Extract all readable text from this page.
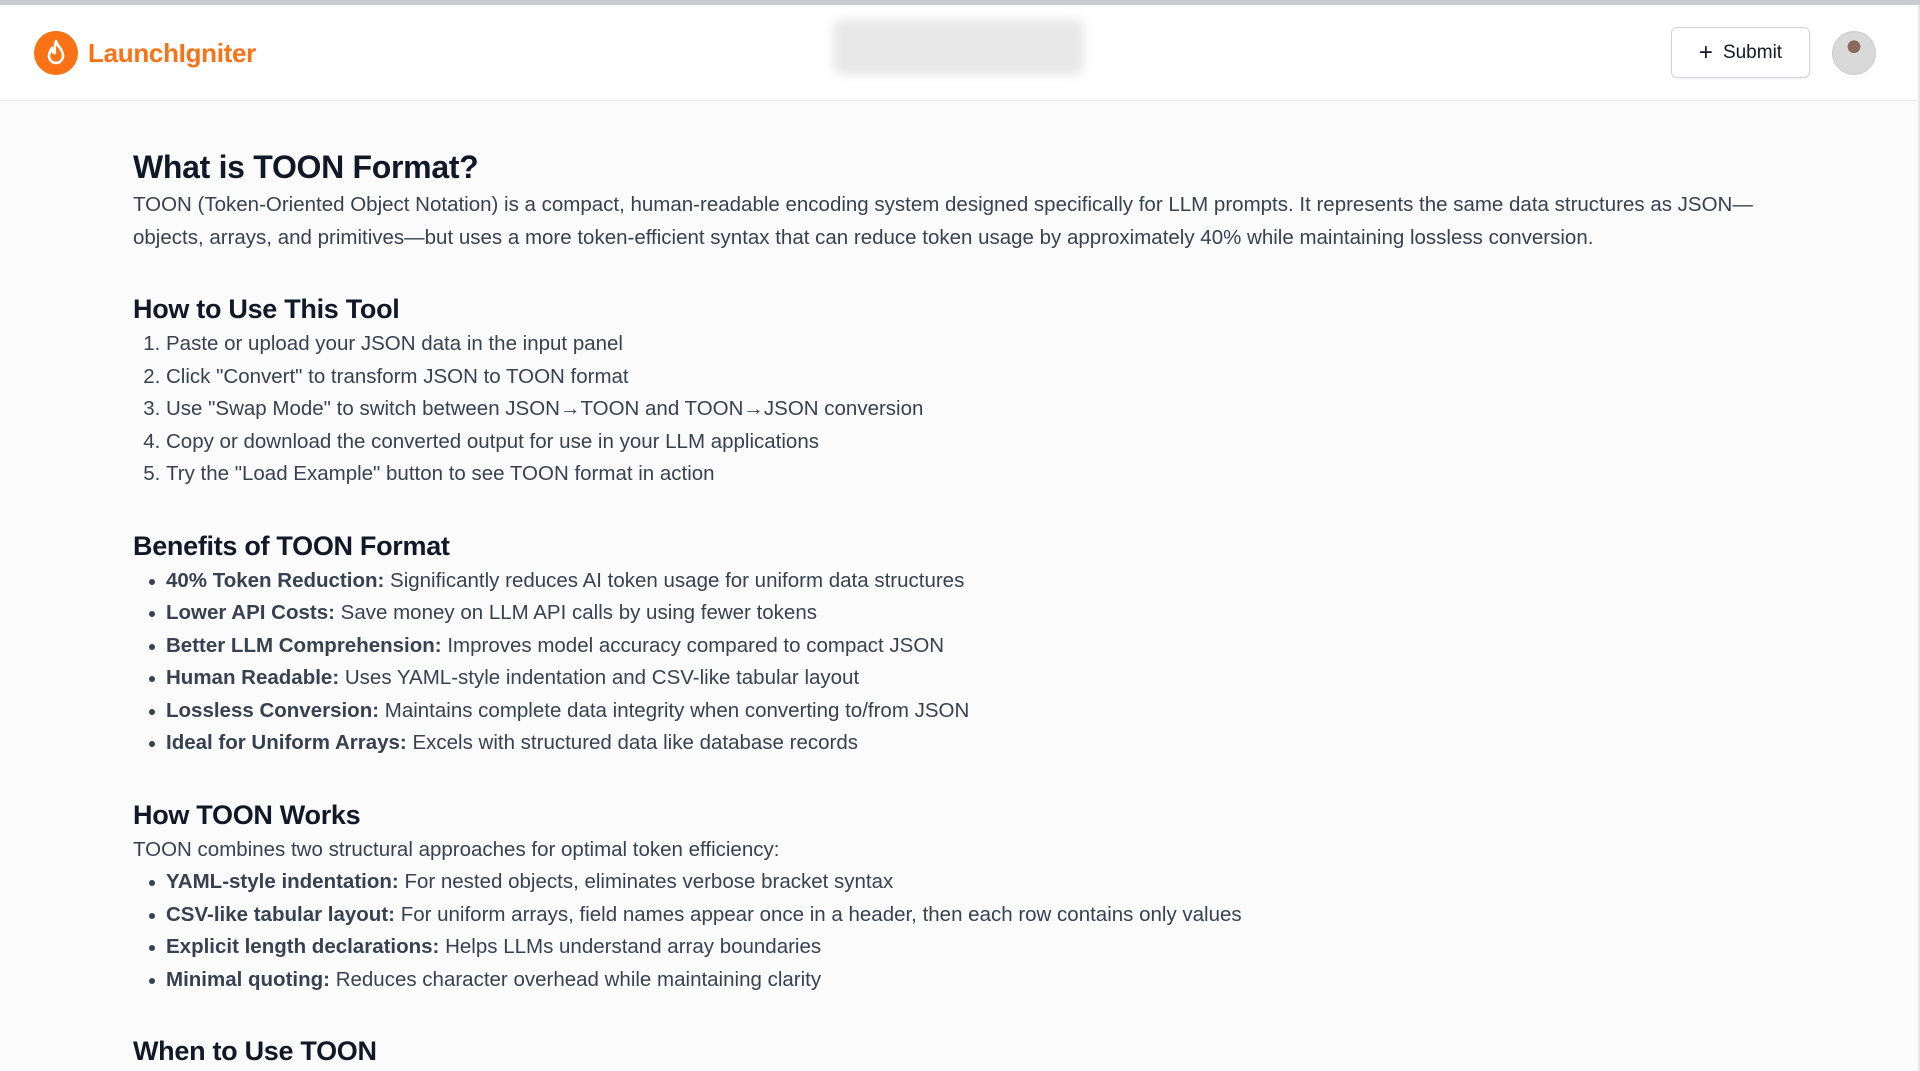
LaunchIgniter	+ Submit
What is TOON Format?

TOON (Token-Oriented Object Notation) is a compact, human-readable encoding system designed specifically for LLM prompts. It represents the same data structures as JSON—objects, arrays, and primitives—but uses a more token-efficient syntax that can reduce token usage by approximately 40% while maintaining lossless conversion.

How to Use This Tool
1. Paste or upload your JSON data in the input panel
2. Click "Convert" to transform JSON to TOON format
3. Use "Swap Mode" to switch between JSON→TOON and TOON→JSON conversion
4. Copy or download the converted output for use in your LLM applications
5. Try the "Load Example" button to see TOON format in action
Benefits of TOON Format
40% Token Reduction: Significantly reduces AI token usage for uniform data structures
Lower API Costs: Save money on LLM API calls by using fewer tokens
Better LLM Comprehension: Improves model accuracy compared to compact JSON
Human Readable: Uses YAML-style indentation and CSV-like tabular layout
Lossless Conversion: Maintains complete data integrity when converting to/from JSON
Ideal for Uniform Arrays: Excels with structured data like database records
How TOON Works

TOON combines two structural approaches for optimal token efficiency:

YAML-style indentation: For nested objects, eliminates verbose bracket syntax
CSV-like tabular layout: For uniform arrays, field names appear once in a header, then each row contains only values
Explicit length declarations: Helps LLMs understand array boundaries
Minimal quoting: Reduces character overhead while maintaining clarity
When to Use TOON
